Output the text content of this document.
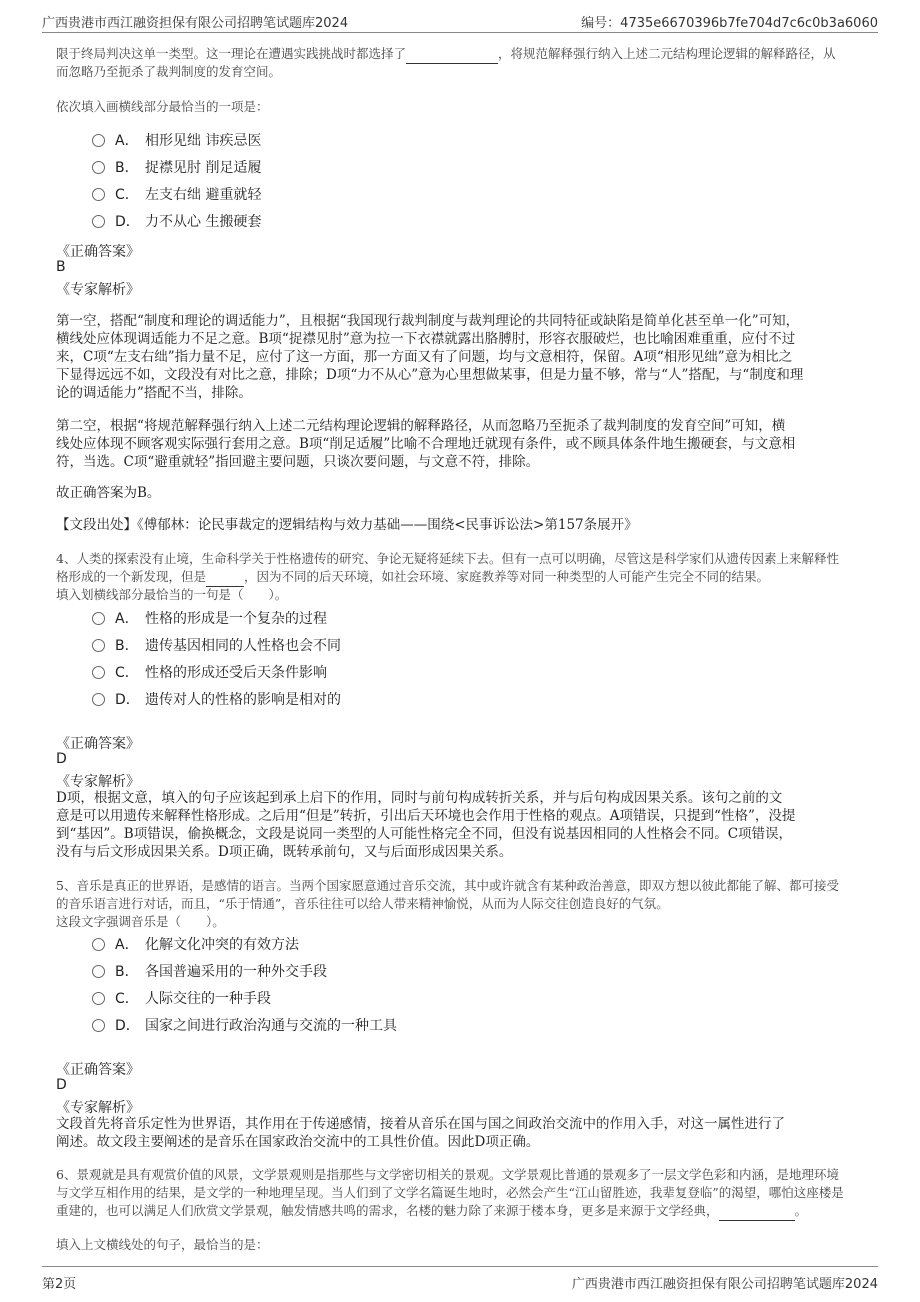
广西贵港市西江融资担保有限公司招聘笔试题库2024	编号：4735e6670396b7fe704d7c6c0b3a6060
限于终局判决这单一类型。这一理论在遭遇实践挑战时都选择了	，将规范解释强行纳入上述二元结构理论逻辑的解释路径，从
而忽略乃至扼杀了裁判制度的发育空间。
依次填入画横线部分最恰当的一项是：
A． 相形见绌 讳疾忌医
B． 捉襟见肘 削足适履
C． 左支右绌 避重就轻
D． 力不从心 生搬硬套
《正确答案》
B
《专家解析》
第一空，搭配“制度和理论的调适能力”，且根据“我国现行裁判制度与裁判理论的共同特征或缺陷是简单化甚至单一化”可知，
横线处应体现调适能力不足之意。B项“捉襟见肘”意为拉一下衣襟就露出胳膊肘，形容衣服破烂，也比喻困难重重，应付不过
来，C项“左支右绌”指力量不足，应付了这一方面，那一方面又有了问题，均与文意相符，保留。A项“相形见绌”意为相比之
下显得远远不如，文段没有对比之意，排除；D项“力不从心”意为心里想做某事，但是力量不够，常与“人”搭配，与“制度和理
论的调适能力”搭配不当，排除。
第二空，根据“将规范解释强行纳入上述二元结构理论逻辑的解释路径，从而忽略乃至扼杀了裁判制度的发育空间”可知，横
线处应体现不顾客观实际强行套用之意。B项“削足适履”比喻不合理地迁就现有条件，或不顾具体条件地生搬硬套，与文意相
符，当选。C项“避重就轻”指回避主要问题，只谈次要问题，与文意不符，排除。
故正确答案为B。
【文段出处】《傅郁林：论民事裁定的逻辑结构与效力基础——围绕<民事诉讼法>第157条展开》
4、人类的探索没有止境，生命科学关于性格遗传的研究、争论无疑将延续下去。但有一点可以明确，尽管这是科学家们从遗传因素上来解释性
格形成的一个新发现，但是	，因为不同的后天环境，如社会环境、家庭教养等对同一种类型的人可能产生完全不同的结果。
填入划横线部分最恰当的一句是（　　）。
A． 性格的形成是一个复杂的过程
B． 遗传基因相同的人性格也会不同
C． 性格的形成还受后天条件影响
D． 遗传对人的性格的影响是相对的
《正确答案》
D
《专家解析》
D项，根据文意，填入的句子应该起到承上启下的作用，同时与前句构成转折关系，并与后句构成因果关系。该句之前的文
意是可以用遗传来解释性格形成。之后用“但是”转折，引出后天环境也会作用于性格的观点。A项错误，只提到“性格”，没提
到“基因”。B项错误，偷换概念，文段是说同一类型的人可能性格完全不同，但没有说基因相同的人性格会不同。C项错误，
没有与后文形成因果关系。D项正确，既转承前句，又与后面形成因果关系。
5、音乐是真正的世界语，是感情的语言。当两个国家愿意通过音乐交流，其中或许就含有某种政治善意，即双方想以彼此都能了解、都可接受
的音乐语言进行对话，而且，“乐于情通”，音乐往往可以给人带来精神愉悦，从而为人际交往创造良好的气氛。
这段文字强调音乐是（　　）。
A． 化解文化冲突的有效方法
B． 各国普遍采用的一种外交手段
C． 人际交往的一种手段
D． 国家之间进行政治沟通与交流的一种工具
《正确答案》
D
《专家解析》
文段首先将音乐定性为世界语，其作用在于传递感情，接着从音乐在国与国之间政治交流中的作用入手，对这一属性进行了
阐述。故文段主要阐述的是音乐在国家政治交流中的工具性价值。因此D项正确。
6、景观就是具有观赏价值的风景，文学景观则是指那些与文学密切相关的景观。文学景观比普通的景观多了一层文学色彩和内涵，是地理环境
与文学互相作用的结果，是文学的一种地理呈现。当人们到了文学名篇诞生地时，必然会产生“江山留胜迹，我辈复登临”的渴望，哪怕这座楼是
重建的，也可以满足人们欣赏文学景观，触发情感共鸣的需求，名楼的魅力除了来源于楼本身，更多是来源于文学经典，	。
填入上文横线处的句子，最恰当的是：
第2页	广西贵港市西江融资担保有限公司招聘笔试题库2024
